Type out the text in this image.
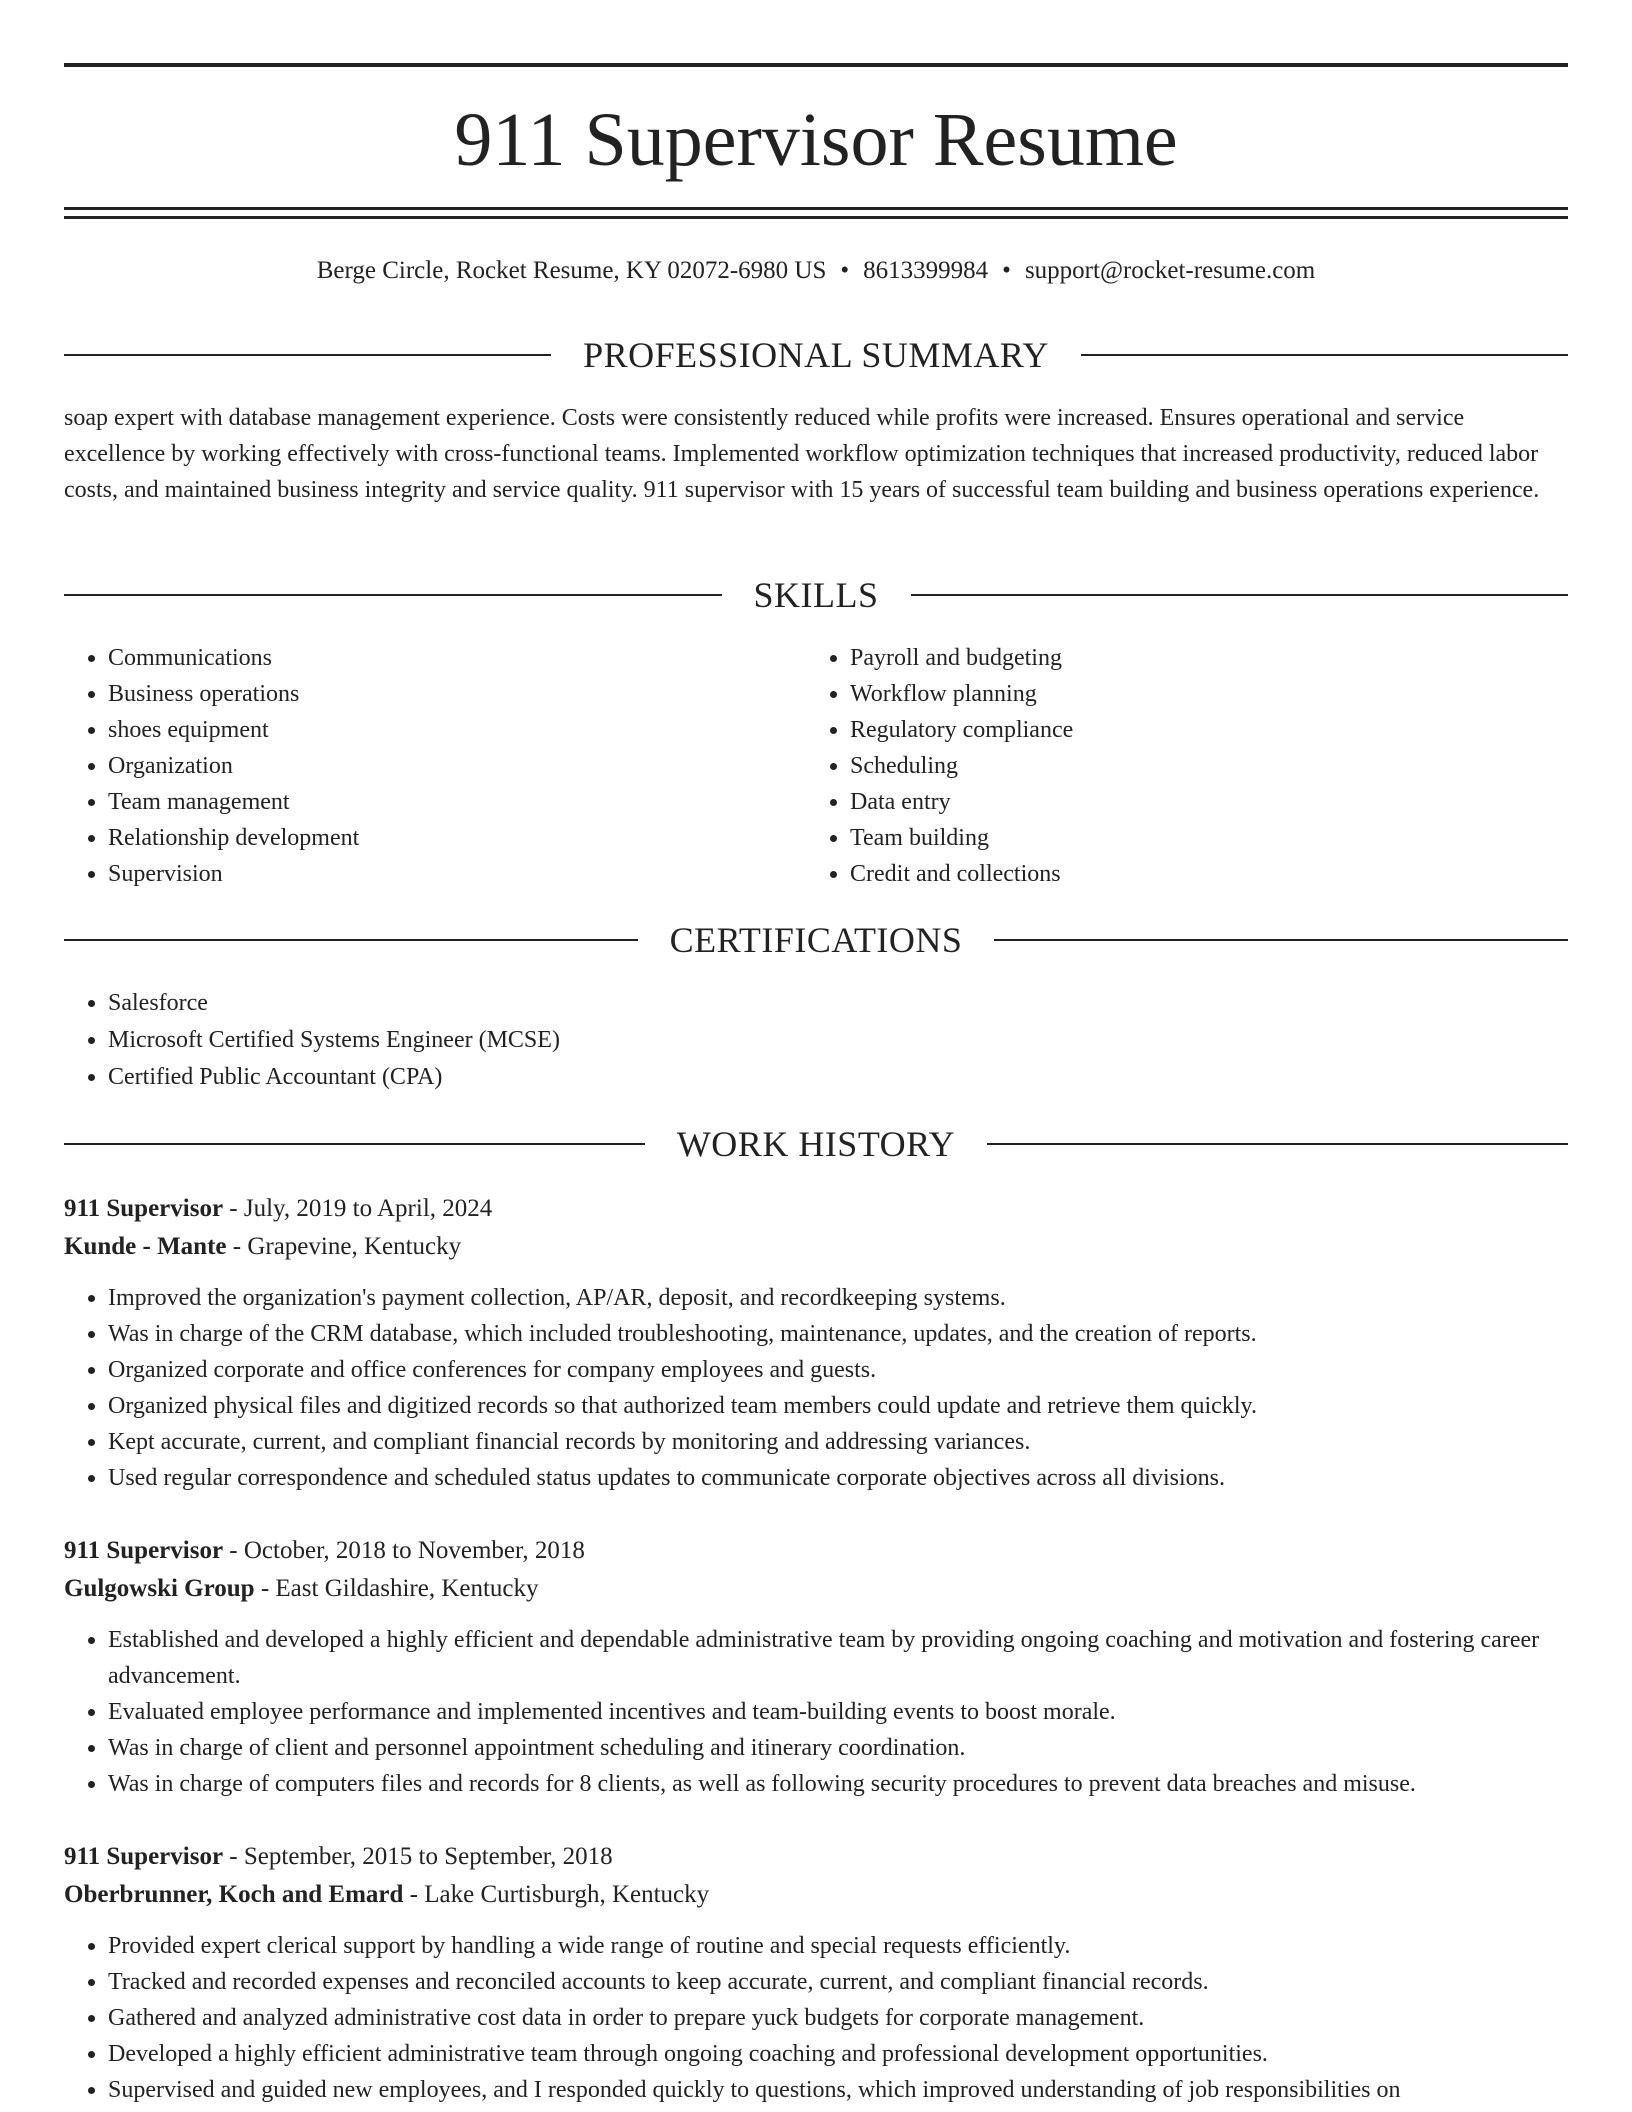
911 Supervisor Resume
Berge Circle, Rocket Resume, KY 02072-6980 US • 8613399984 • support@rocket-resume.com
PROFESSIONAL SUMMARY
soap expert with database management experience. Costs were consistently reduced while profits were increased. Ensures operational and service excellence by working effectively with cross-functional teams. Implemented workflow optimization techniques that increased productivity, reduced labor costs, and maintained business integrity and service quality. 911 supervisor with 15 years of successful team building and business operations experience.
SKILLS
• Communications
• Business operations
• shoes equipment
• Organization
• Team management
• Relationship development
• Supervision
• Payroll and budgeting
• Workflow planning
• Regulatory compliance
• Scheduling
• Data entry
• Team building
• Credit and collections
CERTIFICATIONS
• Salesforce
• Microsoft Certified Systems Engineer (MCSE)
• Certified Public Accountant (CPA)
WORK HISTORY
911 Supervisor - July, 2019 to April, 2024
Kunde - Mante - Grapevine, Kentucky
• Improved the organization's payment collection, AP/AR, deposit, and recordkeeping systems.
• Was in charge of the CRM database, which included troubleshooting, maintenance, updates, and the creation of reports.
• Organized corporate and office conferences for company employees and guests.
• Organized physical files and digitized records so that authorized team members could update and retrieve them quickly.
• Kept accurate, current, and compliant financial records by monitoring and addressing variances.
• Used regular correspondence and scheduled status updates to communicate corporate objectives across all divisions.
911 Supervisor - October, 2018 to November, 2018
Gulgowski Group - East Gildashire, Kentucky
• Established and developed a highly efficient and dependable administrative team by providing ongoing coaching and motivation and fostering career advancement.
• Evaluated employee performance and implemented incentives and team-building events to boost morale.
• Was in charge of client and personnel appointment scheduling and itinerary coordination.
• Was in charge of computers files and records for 8 clients, as well as following security procedures to prevent data breaches and misuse.
911 Supervisor - September, 2015 to September, 2018
Oberbrunner, Koch and Emard - Lake Curtisburgh, Kentucky
• Provided expert clerical support by handling a wide range of routine and special requests efficiently.
• Tracked and recorded expenses and reconciled accounts to keep accurate, current, and compliant financial records.
• Gathered and analyzed administrative cost data in order to prepare yuck budgets for corporate management.
• Developed a highly efficient administrative team through ongoing coaching and professional development opportunities.
• Supervised and guided new employees, and I responded quickly to questions, which improved understanding of job responsibilities on
